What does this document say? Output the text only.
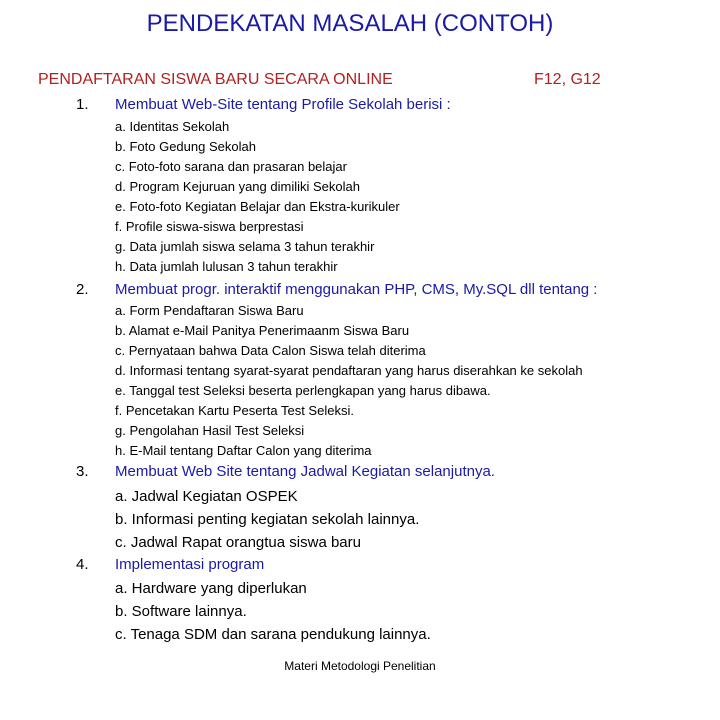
PENDEKATAN MASALAH (CONTOH)
PENDAFTARAN SISWA BARU SECARA ONLINE	F12, G12
1. Membuat Web-Site tentang Profile Sekolah berisi :
a. Identitas Sekolah
b. Foto Gedung Sekolah
c. Foto-foto sarana dan prasaran belajar
d. Program Kejuruan yang dimiliki Sekolah
e. Foto-foto Kegiatan Belajar dan Ekstra-kurikuler
f. Profile siswa-siswa berprestasi
g. Data jumlah siswa selama 3 tahun terakhir
h. Data jumlah lulusan 3 tahun terakhir
2. Membuat progr. interaktif menggunakan PHP, CMS, My.SQL dll tentang :
a. Form Pendaftaran Siswa Baru
b. Alamat e-Mail Panitya Penerimaanm Siswa Baru
c. Pernyataan bahwa Data Calon Siswa telah diterima
d. Informasi tentang syarat-syarat pendaftaran yang harus diserahkan ke sekolah
e. Tanggal test Seleksi beserta perlengkapan yang harus dibawa.
f. Pencetakan Kartu Peserta Test Seleksi.
g. Pengolahan Hasil Test Seleksi
h. E-Mail tentang Daftar Calon yang diterima
3. Membuat Web Site tentang Jadwal Kegiatan selanjutnya.
a. Jadwal Kegiatan OSPEK
b. Informasi penting kegiatan sekolah lainnya.
c. Jadwal Rapat orangtua siswa baru
4. Implementasi program
a. Hardware yang diperlukan
b. Software lainnya.
c. Tenaga SDM dan sarana pendukung lainnya.
Materi Metodologi Penelitian
